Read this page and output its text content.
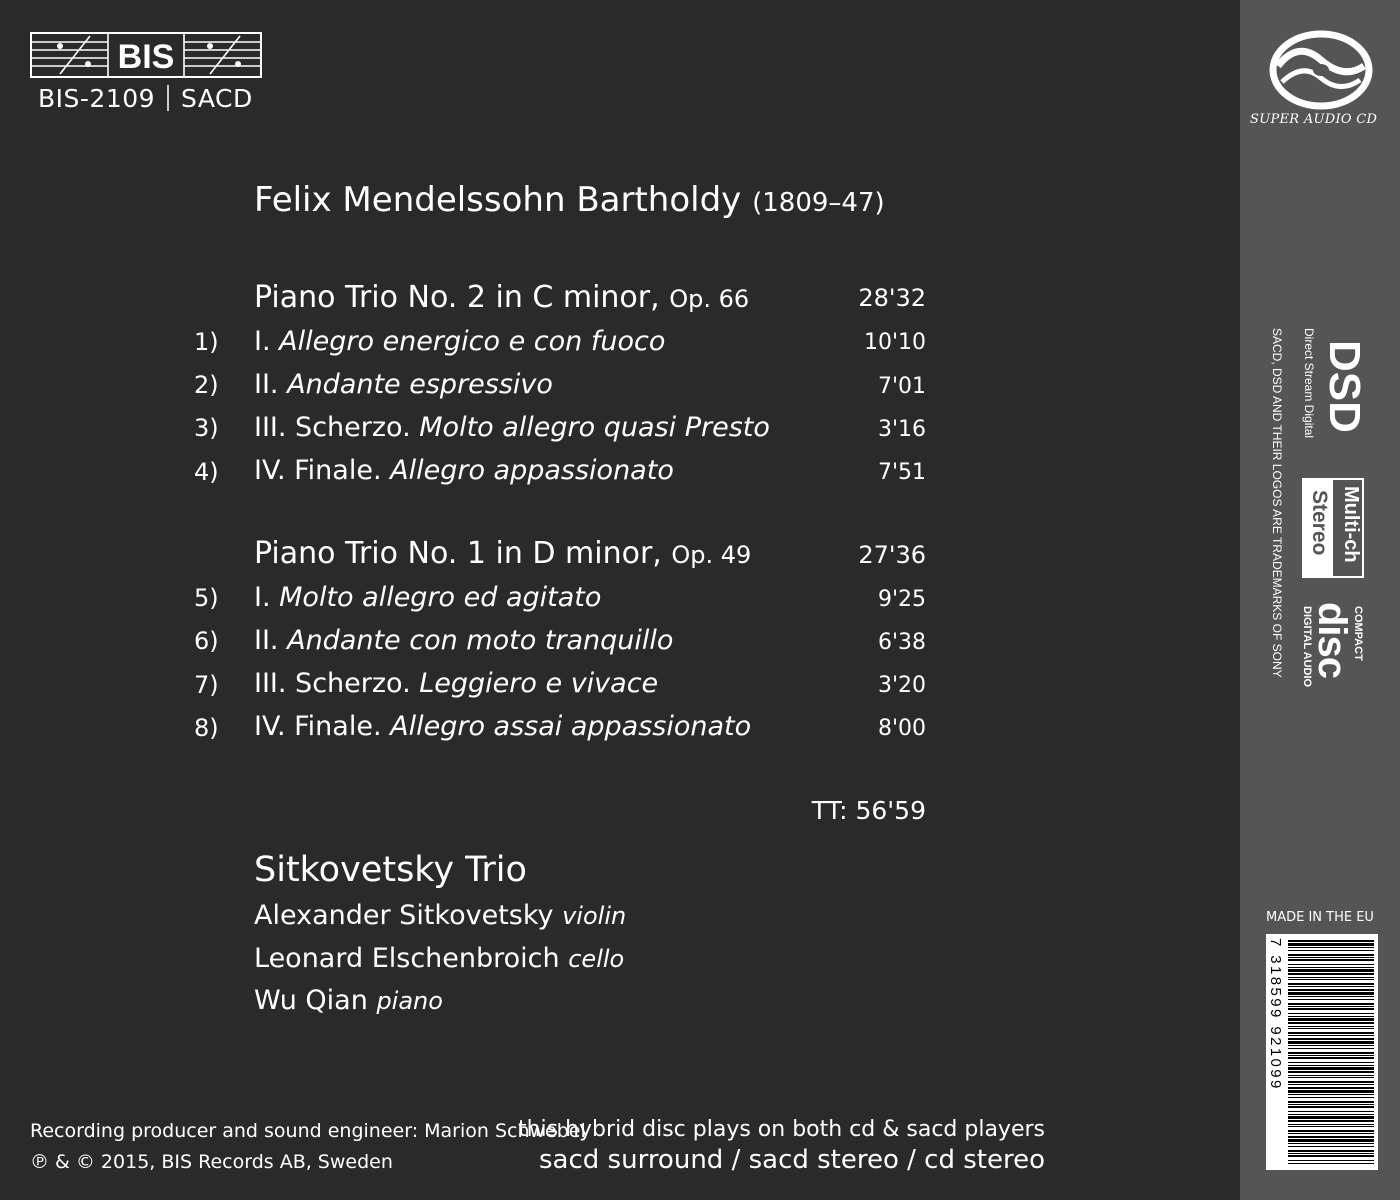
BIS
BIS-2109 SACD
Felix Mendelssohn Bartholdy (1809–47)
Piano Trio No. 2 in C minor, Op. 66	28'32
1)	I. Allegro energico e con fuoco	10'10
2)	II. Andante espressivo	7'01
3)	III. Scherzo. Molto allegro quasi Presto	3'16
4)	IV. Finale. Allegro appassionato	7'51
Piano Trio No. 1 in D minor, Op. 49	27'36
5)	I. Molto allegro ed agitato	9'25
6)	II. Andante con moto tranquillo	6'38
7)	III. Scherzo. Leggiero e vivace	3'20
8)	IV. Finale. Allegro assai appassionato	8'00
TT: 56'59
Sitkovetsky Trio
Alexander Sitkovetsky violin
Leonard Elschenbroich cello
Wu Qian piano
Recording producer and sound engineer: Marion Schwebel
℗ & © 2015, BIS Records AB, Sweden
this hybrid disc plays on both cd & sacd players
sacd surround / sacd stereo / cd stereo
SUPER AUDIO CD
DSD
Direct Stream Digital
Multi-ch
Stereo
COMPACT
disc
DIGITAL AUDIO
SACD, DSD AND THEIR LOGOS ARE TRADEMARKS OF SONY
MADE IN THE EU
7 318599 921099
